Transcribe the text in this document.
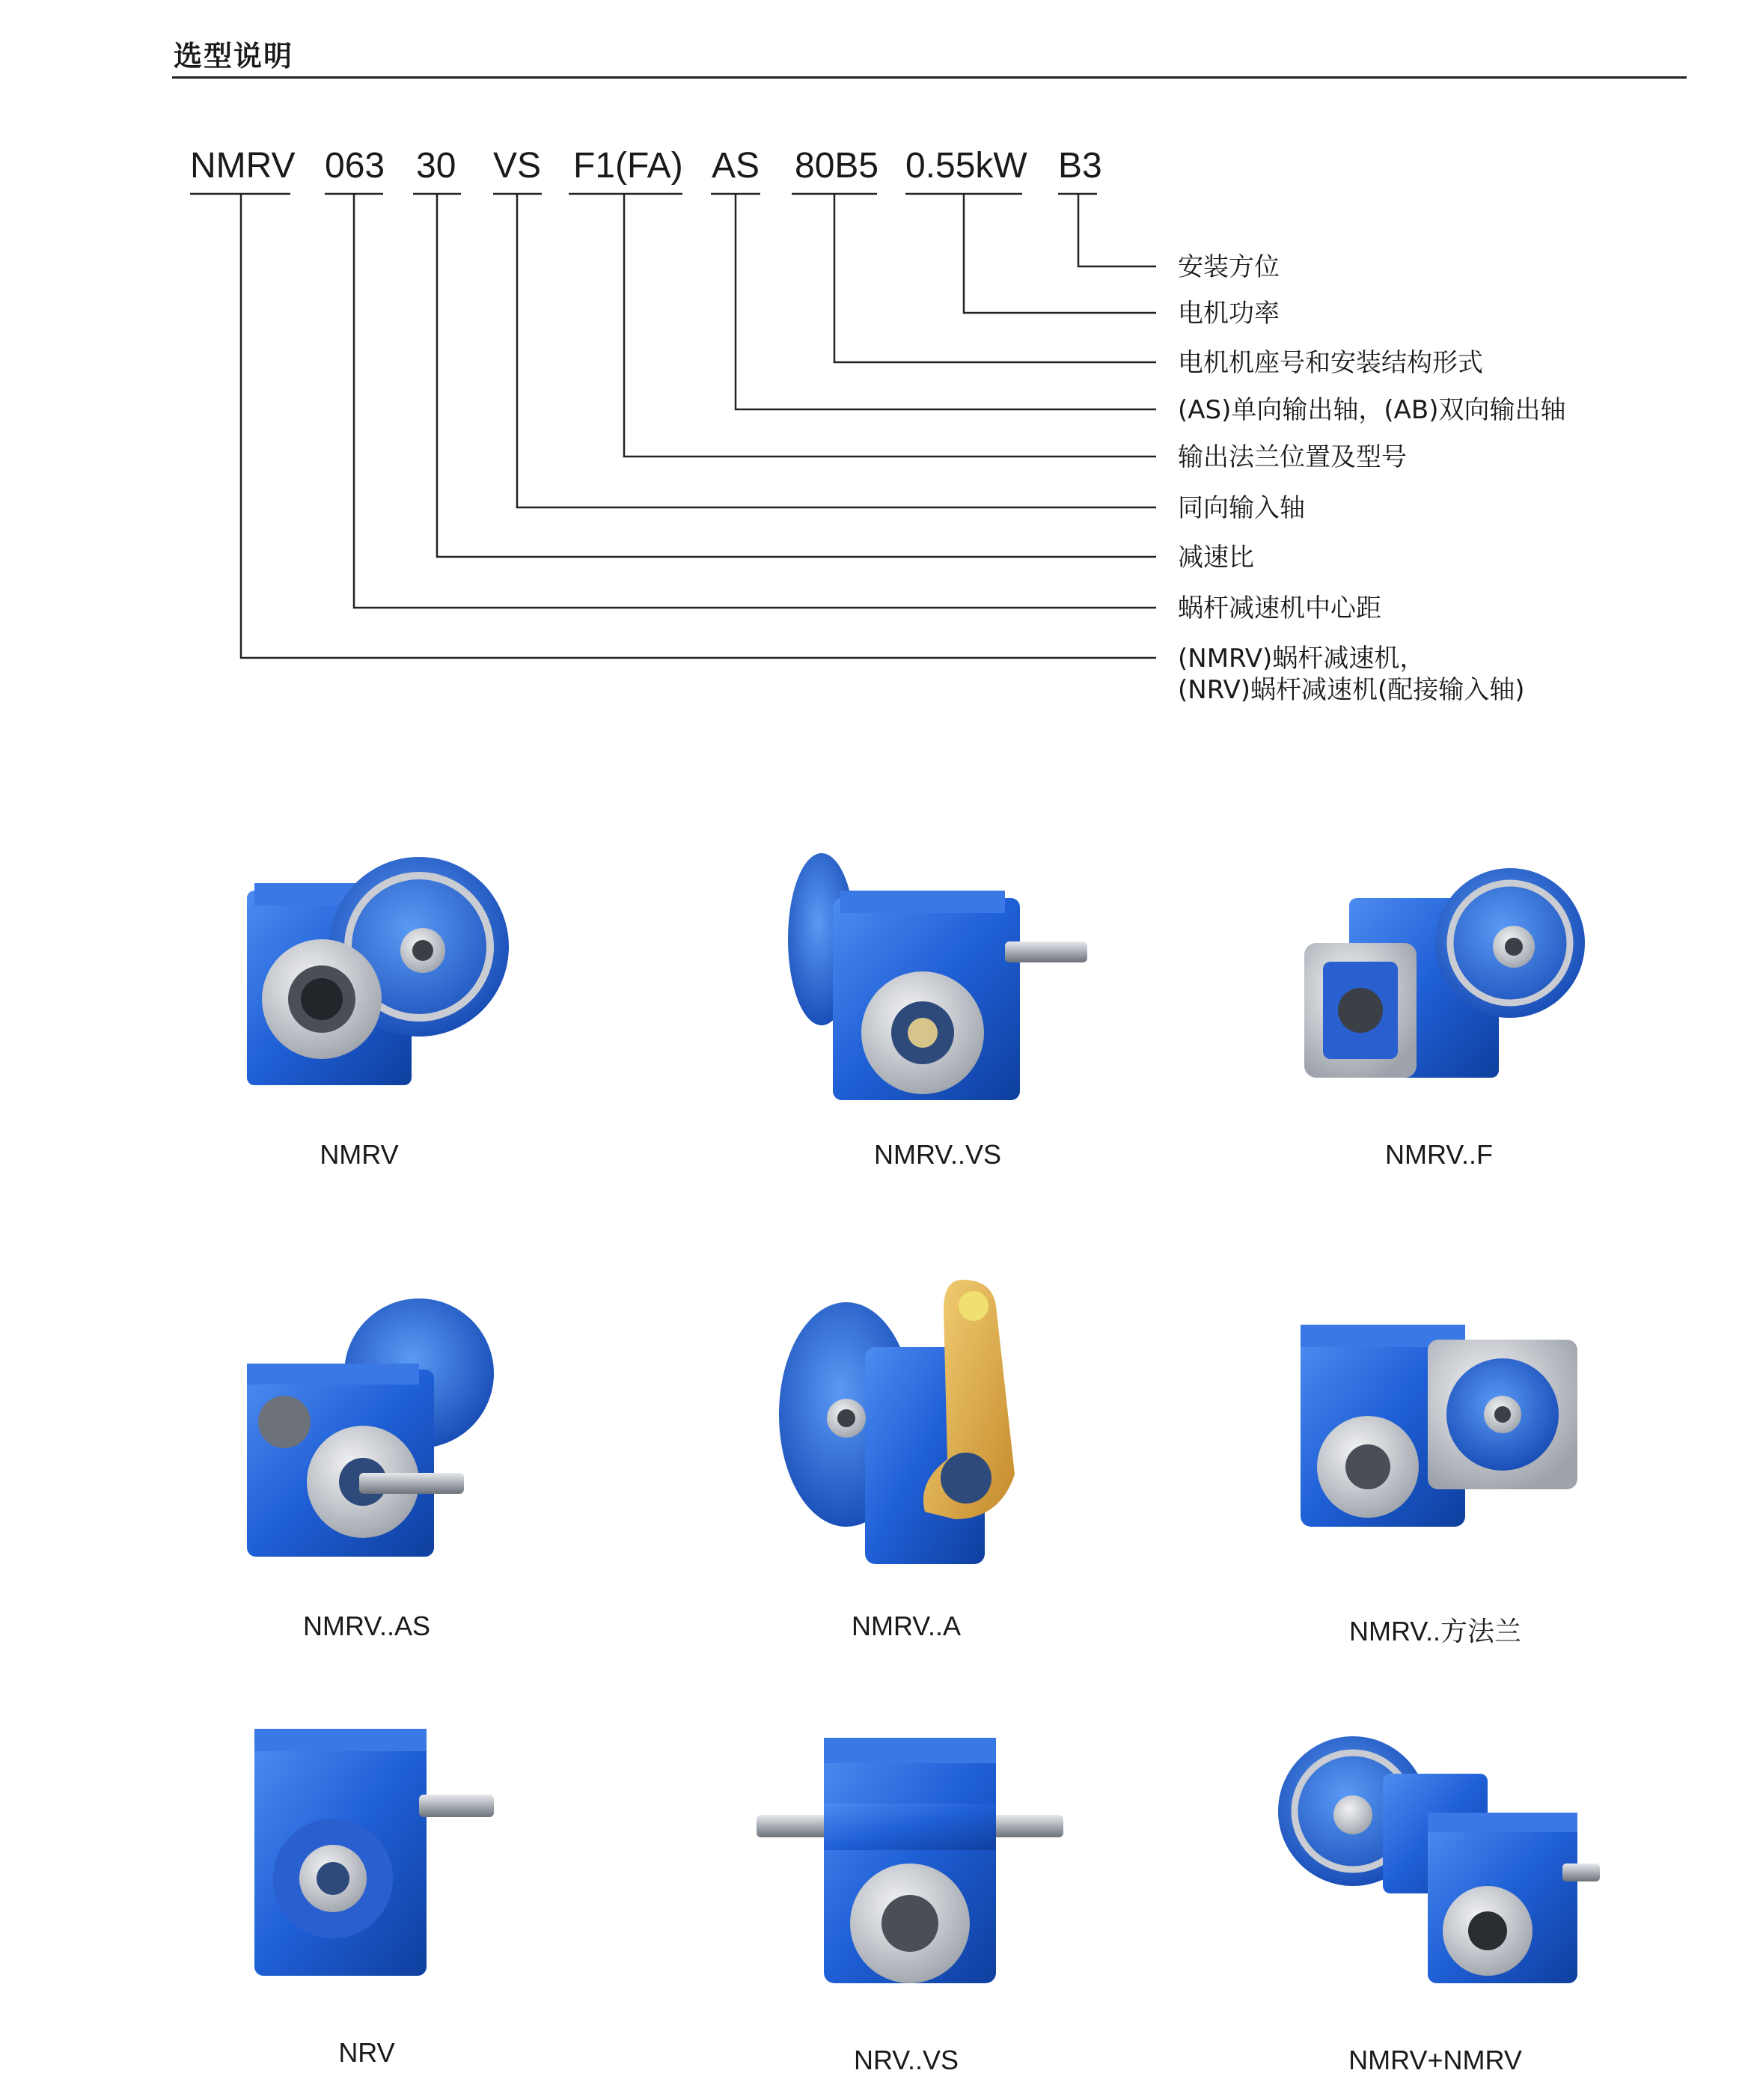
选型说明
NMRV 063 30 VS F1(FA) AS 80B5 0.55kW B3
安装方位
电机功率
电机机座号和安装结构形式
(AS)单向输出轴，(AB)双向输出轴
输出法兰位置及型号
同向输入轴
减速比
蜗杆减速机中心距
(NMRV)蜗杆减速机，
(NRV)蜗杆减速机(配接输入轴)
NMRV	NMRV..VS	NMRV..F
NMRV..AS	NMRV..A	NMRV..方法兰
NRV	NRV..VS	NMRV+NMRV
